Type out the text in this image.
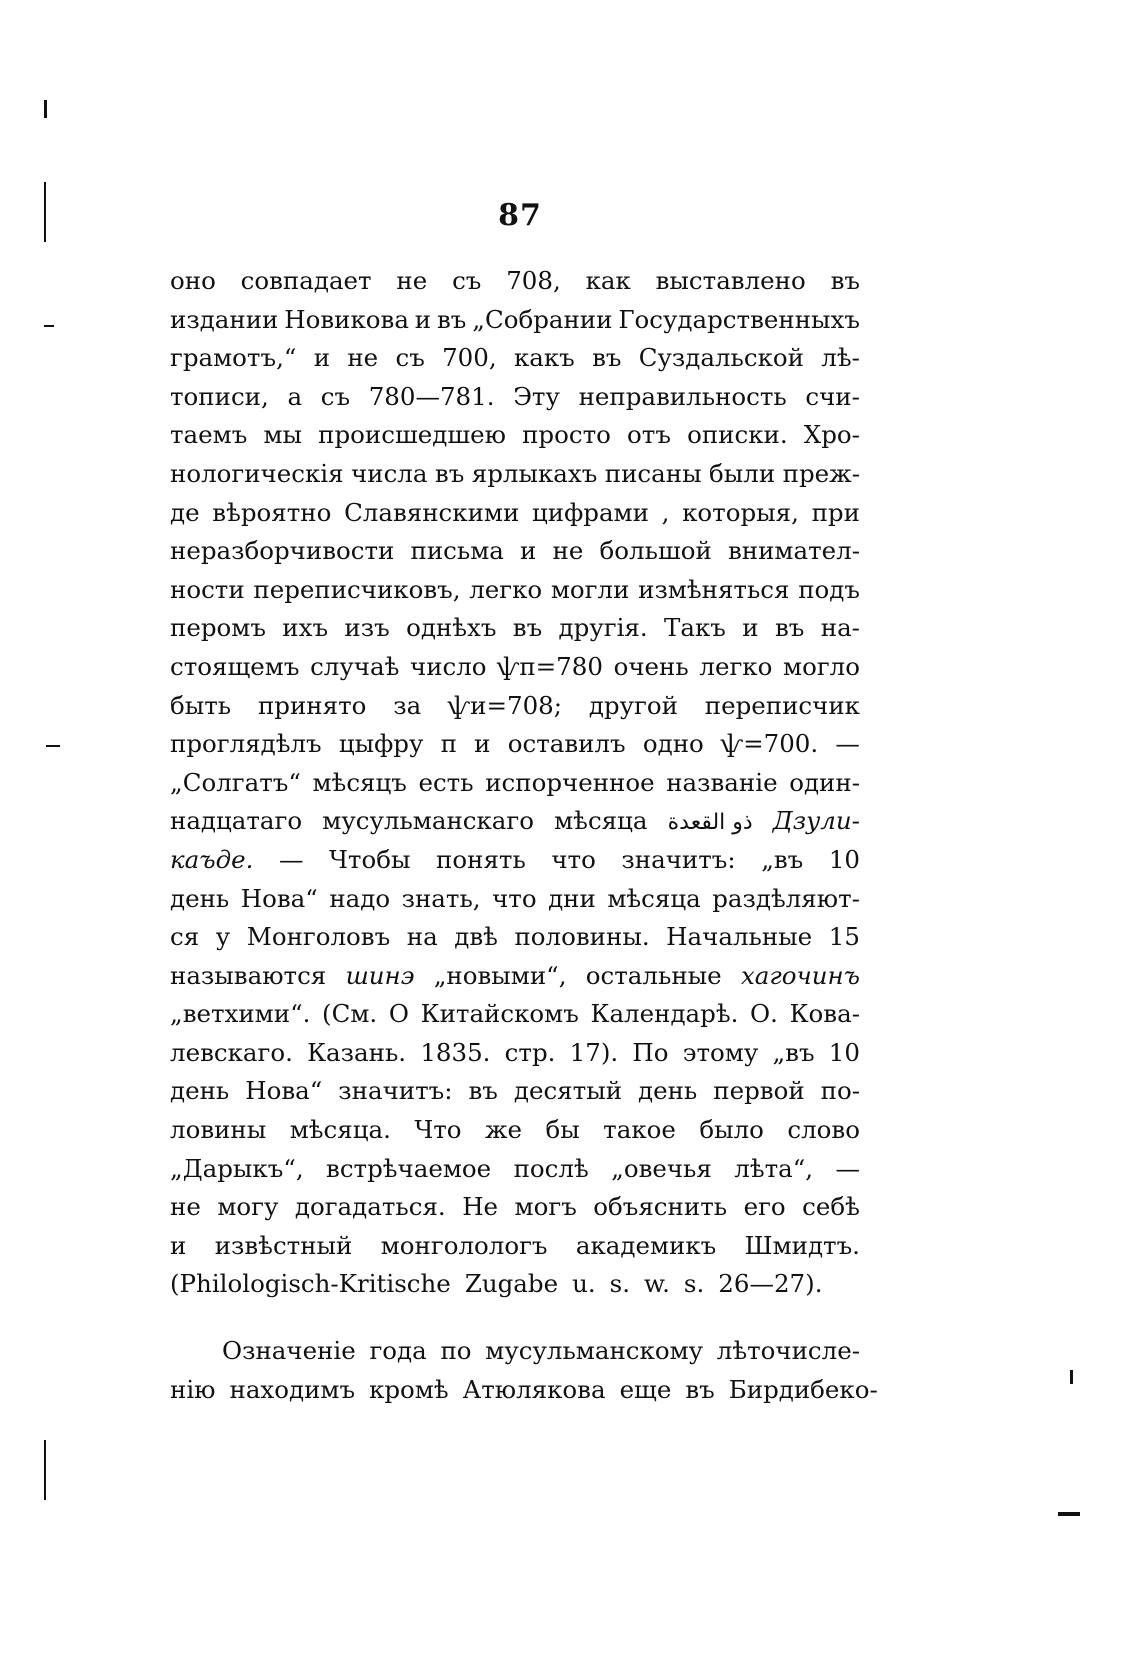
87
оно совпадает не съ 708, как выставлено въ
издании Новикова и въ „Собрании Государственныхъ
грамотъ,“ и не съ 700, какъ въ Суздальской лѣ-
тописи, а съ 780—781. Эту неправильность счи-
таемъ мы происшедшею просто отъ описки. Хро-
нологическія числа въ ярлыкахъ писаны были преж-
де вѣроятно Славянскими цифрами , которыя, при
неразборчивости письма и не большой внимател-
ности переписчиковъ, легко могли измѣняться подъ
перомъ ихъ изъ однѣхъ въ другія. Такъ и въ на-
стоящемъ случаѣ число ѱп=780 очень легко могло
быть принято за ѱи=708; другой переписчик
проглядѣлъ цыфру п и оставилъ одно ѱ=700. —
„Солгатъ“ мѣсяцъ есть испорченное названіе один-
надцатаго мусульманскаго мѣсяца ذو القعدة Дзули-
каъде. — Чтобы понять что значитъ: „въ 10
день Нова“ надо знать, что дни мѣсяца раздѣляют-
ся у Монголовъ на двѣ половины. Начальные 15
называются шинэ „новыми“, остальные хагочинъ
„ветхими“. (См. О Китайскомъ Календарѣ. О. Кова-
левскаго. Казань. 1835. стр. 17). По этому „въ 10
день Нова“ значитъ: въ десятый день первой по-
ловины мѣсяца. Что же бы такое было слово
„Дарыкъ“, встрѣчаемое послѣ „овечья лѣта“, —
не могу догадаться. Не могъ объяснить его себѣ
и извѣстный монголологъ академикъ Шмидтъ.
(Philologisch-Kritische Zugabe u. s. w. s. 26—27).
Означеніе года по мусульманскому лѣточисле-
нію находимъ кромѣ Атюлякова еще въ Бирдибеко-
